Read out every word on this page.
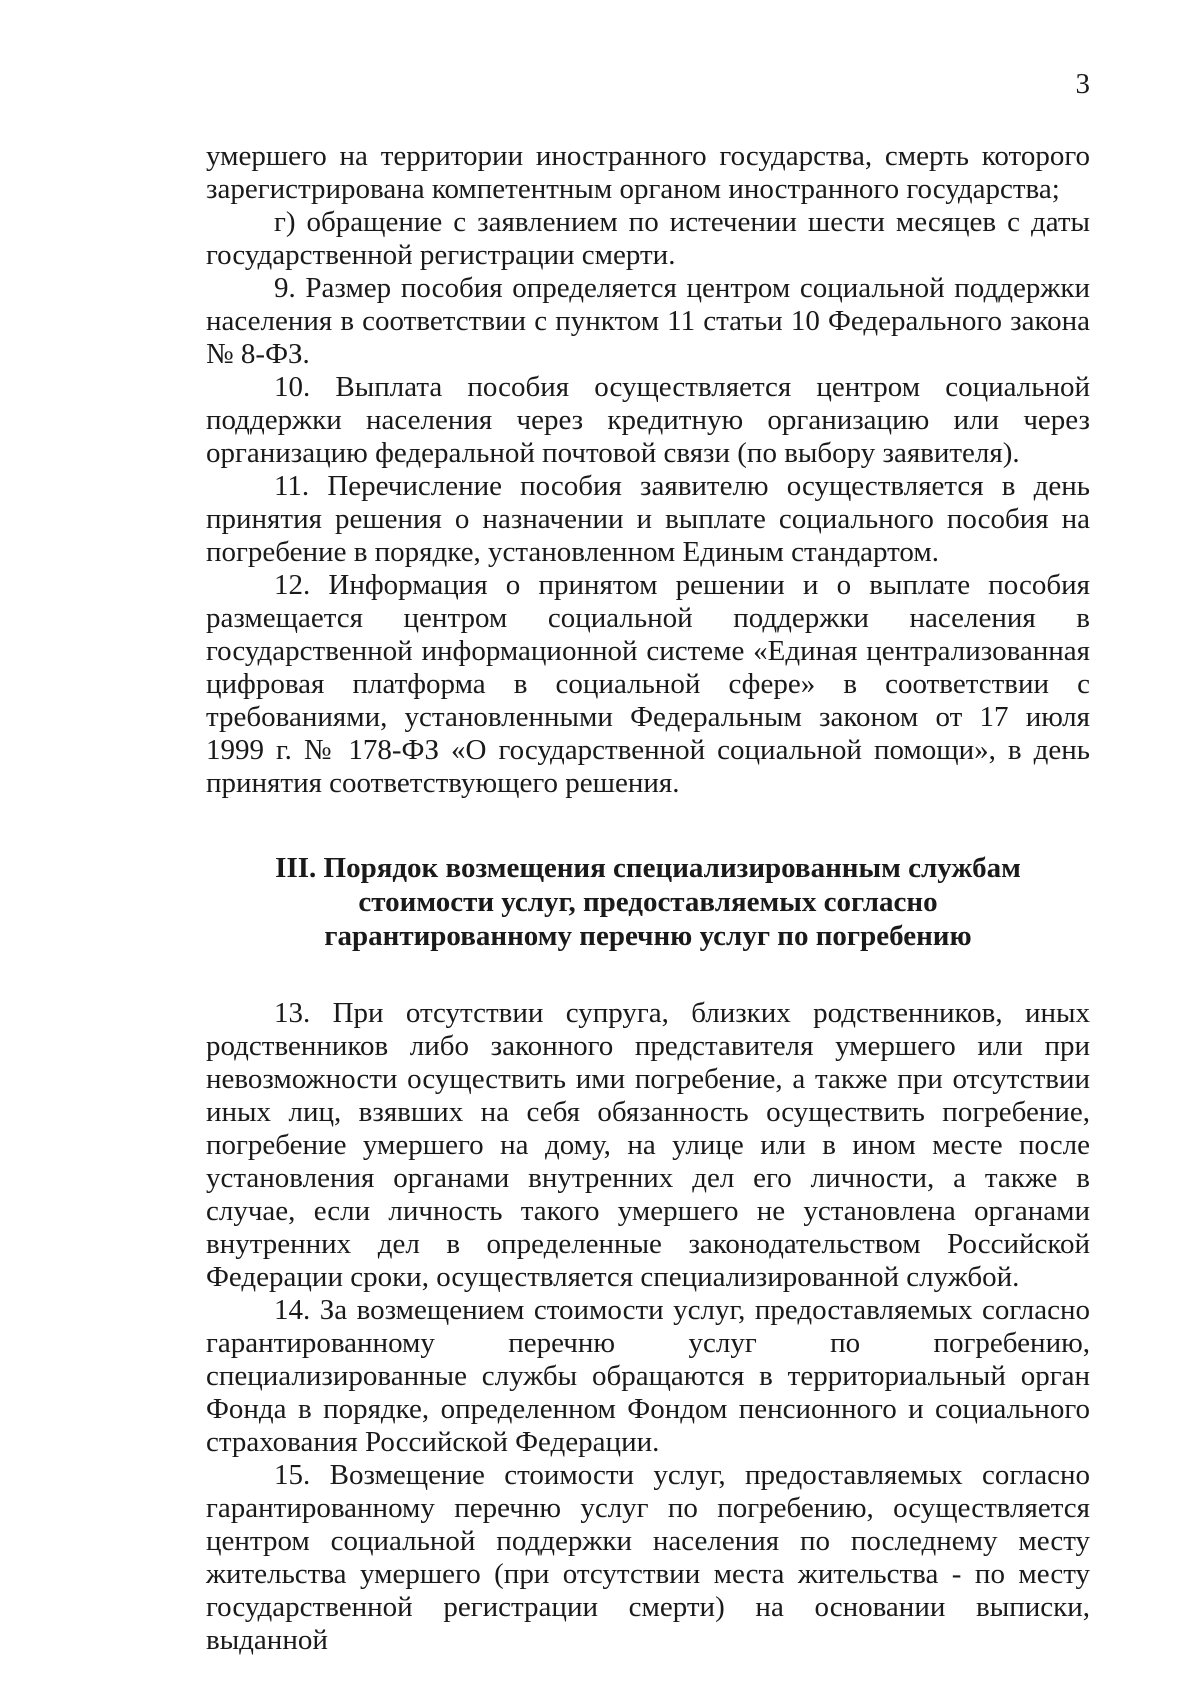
3

умершего на территории иностранного государства, смерть которого зарегистрирована компетентным органом иностранного государства;

г) обращение с заявлением по истечении шести месяцев с даты государственной регистрации смерти.

9. Размер пособия определяется центром социальной поддержки населения в соответствии с пунктом 11 статьи 10 Федерального закона № 8-ФЗ.

10. Выплата пособия осуществляется центром социальной поддержки населения через кредитную организацию или через организацию федеральной почтовой связи (по выбору заявителя).

11. Перечисление пособия заявителю осуществляется в день принятия решения о назначении и выплате социального пособия на погребение в порядке, установленном Единым стандартом.

12. Информация о принятом решении и о выплате пособия размещается центром социальной поддержки населения в государственной информационной системе «Единая централизованная цифровая платформа в социальной сфере» в соответствии с требованиями, установленными Федеральным законом от 17 июля 1999 г. № 178-ФЗ «О государственной социальной помощи», в день принятия соответствующего решения.

III. Порядок возмещения специализированным службам
стоимости услуг, предоставляемых согласно
гарантированному перечню услуг по погребению

13. При отсутствии супруга, близких родственников, иных родственников либо законного представителя умершего или при невозможности осуществить ими погребение, а также при отсутствии иных лиц, взявших на себя обязанность осуществить погребение, погребение умершего на дому, на улице или в ином месте после установления органами внутренних дел его личности, а также в случае, если личность такого умершего не установлена органами внутренних дел в определенные законодательством Российской Федерации сроки, осуществляется специализированной службой.

14. За возмещением стоимости услуг, предоставляемых согласно гарантированному перечню услуг по погребению, специализированные службы обращаются в территориальный орган Фонда в порядке, определенном Фондом пенсионного и социального страхования Российской Федерации.

15. Возмещение стоимости услуг, предоставляемых согласно гарантированному перечню услуг по погребению, осуществляется центром социальной поддержки населения по последнему месту жительства умершего (при отсутствии места жительства - по месту государственной регистрации смерти) на основании выписки, выданной
